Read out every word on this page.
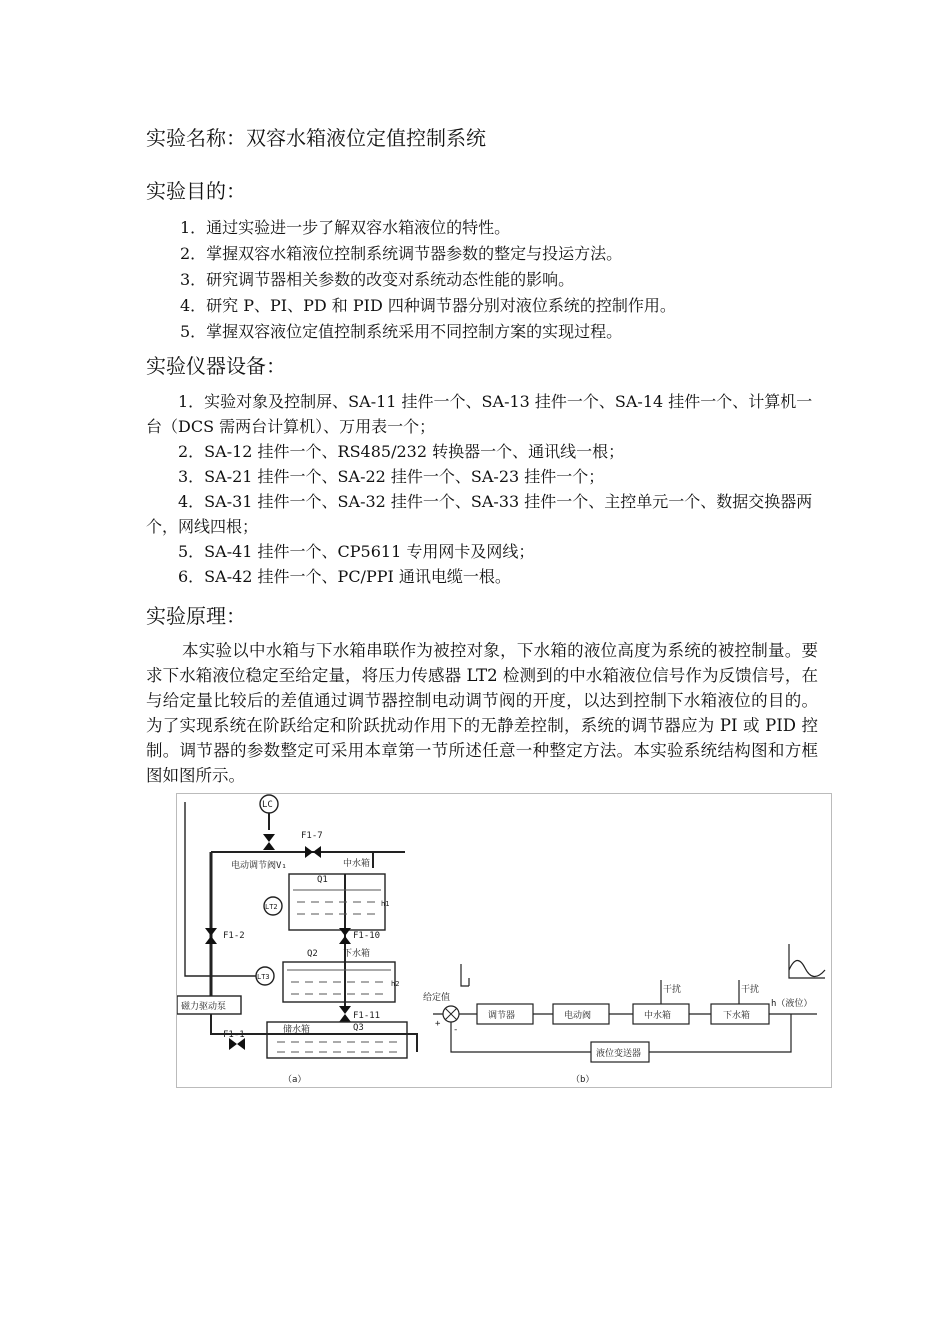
实验名称：双容水箱液位定值控制系统
实验目的：
1．通过实验进一步了解双容水箱液位的特性。
2．掌握双容水箱液位控制系统调节器参数的整定与投运方法。
3．研究调节器相关参数的改变对系统动态性能的影响。
4．研究 P、PI、PD 和 PID 四种调节器分别对液位系统的控制作用。
5．掌握双容液位定值控制系统采用不同控制方案的实现过程。
实验仪器设备：
1．实验对象及控制屏、SA-11 挂件一个、SA-13 挂件一个、SA-14 挂件一个、计算机一台（DCS 需两台计算机）、万用表一个；
2．SA-12 挂件一个、RS485/232 转换器一个、通讯线一根；
3．SA-21 挂件一个、SA-22 挂件一个、SA-23 挂件一个；
4．SA-31 挂件一个、SA-32 挂件一个、SA-33 挂件一个、主控单元一个、数据交换器两个，网线四根；
5．SA-41 挂件一个、CP5611 专用网卡及网线；
6．SA-42 挂件一个、PC/PPI 通讯电缆一根。
实验原理：
本实验以中水箱与下水箱串联作为被控对象，下水箱的液位高度为系统的被控制量。要求下水箱液位稳定至给定量，将压力传感器 LT2 检测到的中水箱液位信号作为反馈信号，在与给定量比较后的差值通过调节器控制电动调节阀的开度，以达到控制下水箱液位的目的。为了实现系统在阶跃给定和阶跃扰动作用下的无静差控制，系统的调节器应为 PI 或 PID 控制。调节器的参数整定可采用本章第一节所述任意一种整定方法。本实验系统结构图和方框图如图所示。
LC
F1-7
电动调节阀V₁	中水箱
Q1
LT2	h1
F1-2	F1-10
Q2	下水箱
LT3
h2
磁力驱动泵
F1-11
Q3
F1-1	储水箱
（a）
给定值
+
-
调节器	电动阀	中水箱	下水箱
干扰	干扰
h（液位）
液位变送器
（b）
